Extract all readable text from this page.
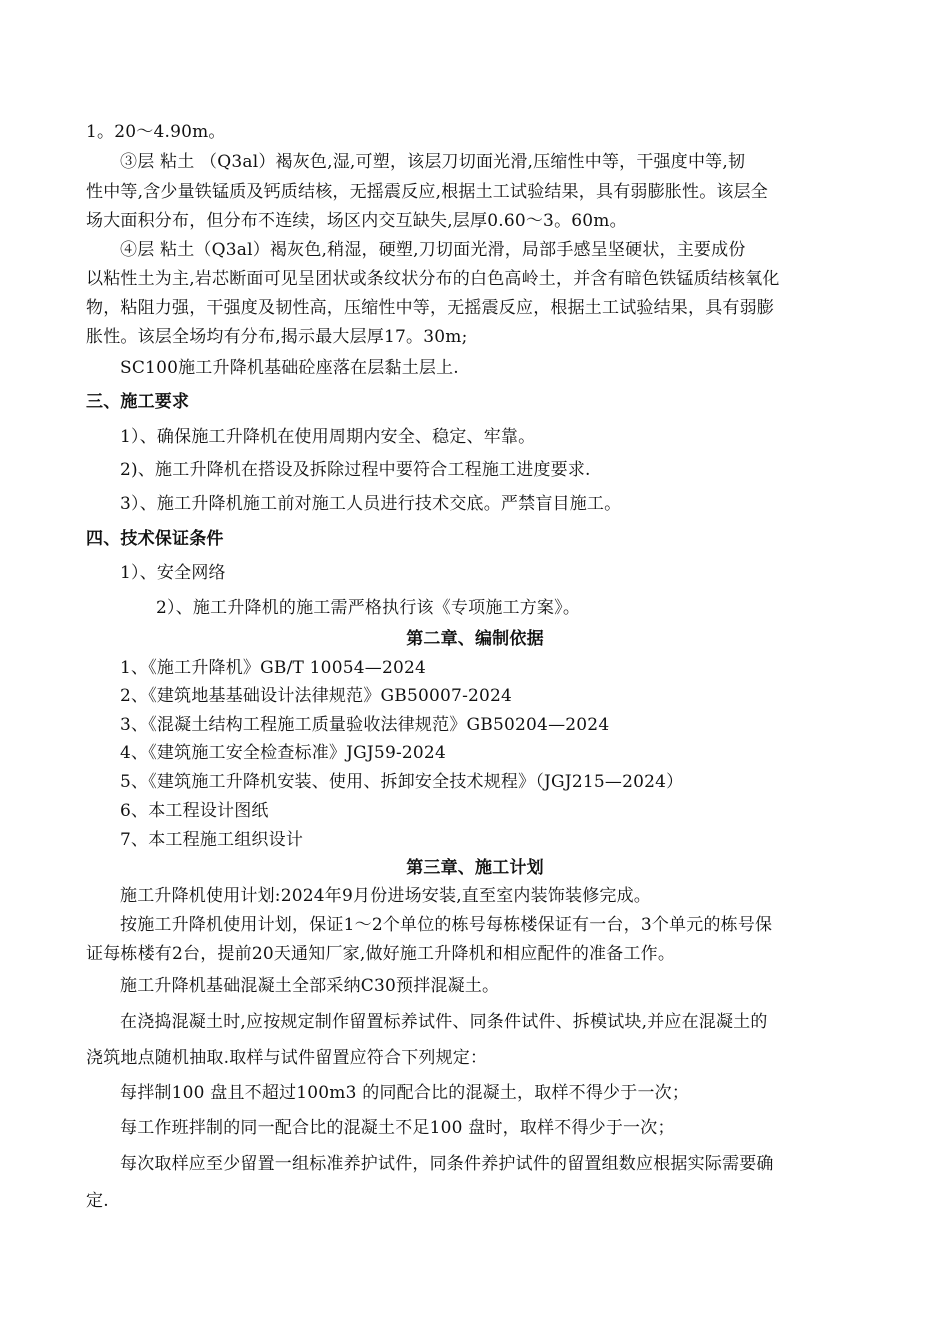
1。20～4.90m。
③层 粘土 （Q3al）褐灰色,湿,可塑，该层刀切面光滑,压缩性中等，干强度中等,韧
性中等,含少量铁锰质及钙质结核，无摇震反应,根据土工试验结果，具有弱膨胀性。该层全
场大面积分布，但分布不连续，场区内交互缺失,层厚0.60～3。60m。
④层 粘土（Q3al）褐灰色,稍湿，硬塑,刀切面光滑，局部手感呈坚硬状，主要成份
以粘性土为主,岩芯断面可见呈团状或条纹状分布的白色高岭土，并含有暗色铁锰质结核氧化
物，粘阻力强，干强度及韧性高，压缩性中等，无摇震反应，根据土工试验结果，具有弱膨
胀性。该层全场均有分布,揭示最大层厚17。30m;
SC100施工升降机基础砼座落在层黏土层上.
三、施工要求
1）、确保施工升降机在使用周期内安全、稳定、牢靠。
2)、施工升降机在搭设及拆除过程中要符合工程施工进度要求.
3）、施工升降机施工前对施工人员进行技术交底。严禁盲目施工。
四、技术保证条件
1）、安全网络
2）、施工升降机的施工需严格执行该《专项施工方案》。
第二章、编制依据
1、《施工升降机》GB/T 10054—2024
2、《建筑地基基础设计法律规范》GB50007-2024
3、《混凝土结构工程施工质量验收法律规范》GB50204—2024
4、《建筑施工安全检查标准》JGJ59-2024
5、《建筑施工升降机安装、使用、拆卸安全技术规程》（JGJ215—2024）
6、本工程设计图纸
7、本工程施工组织设计
第三章、施工计划
施工升降机使用计划:2024年9月份进场安装,直至室内装饰装修完成。
按施工升降机使用计划，保证1～2个单位的栋号每栋楼保证有一台，3个单元的栋号保
证每栋楼有2台，提前20天通知厂家,做好施工升降机和相应配件的准备工作。
施工升降机基础混凝土全部采纳C30预拌混凝土。
在浇捣混凝土时,应按规定制作留置标养试件、同条件试件、拆模试块,并应在混凝土的
浇筑地点随机抽取.取样与试件留置应符合下列规定：
每拌制100 盘且不超过100m3 的同配合比的混凝土，取样不得少于一次；
每工作班拌制的同一配合比的混凝土不足100 盘时，取样不得少于一次；
每次取样应至少留置一组标准养护试件，同条件养护试件的留置组数应根据实际需要确
定.
